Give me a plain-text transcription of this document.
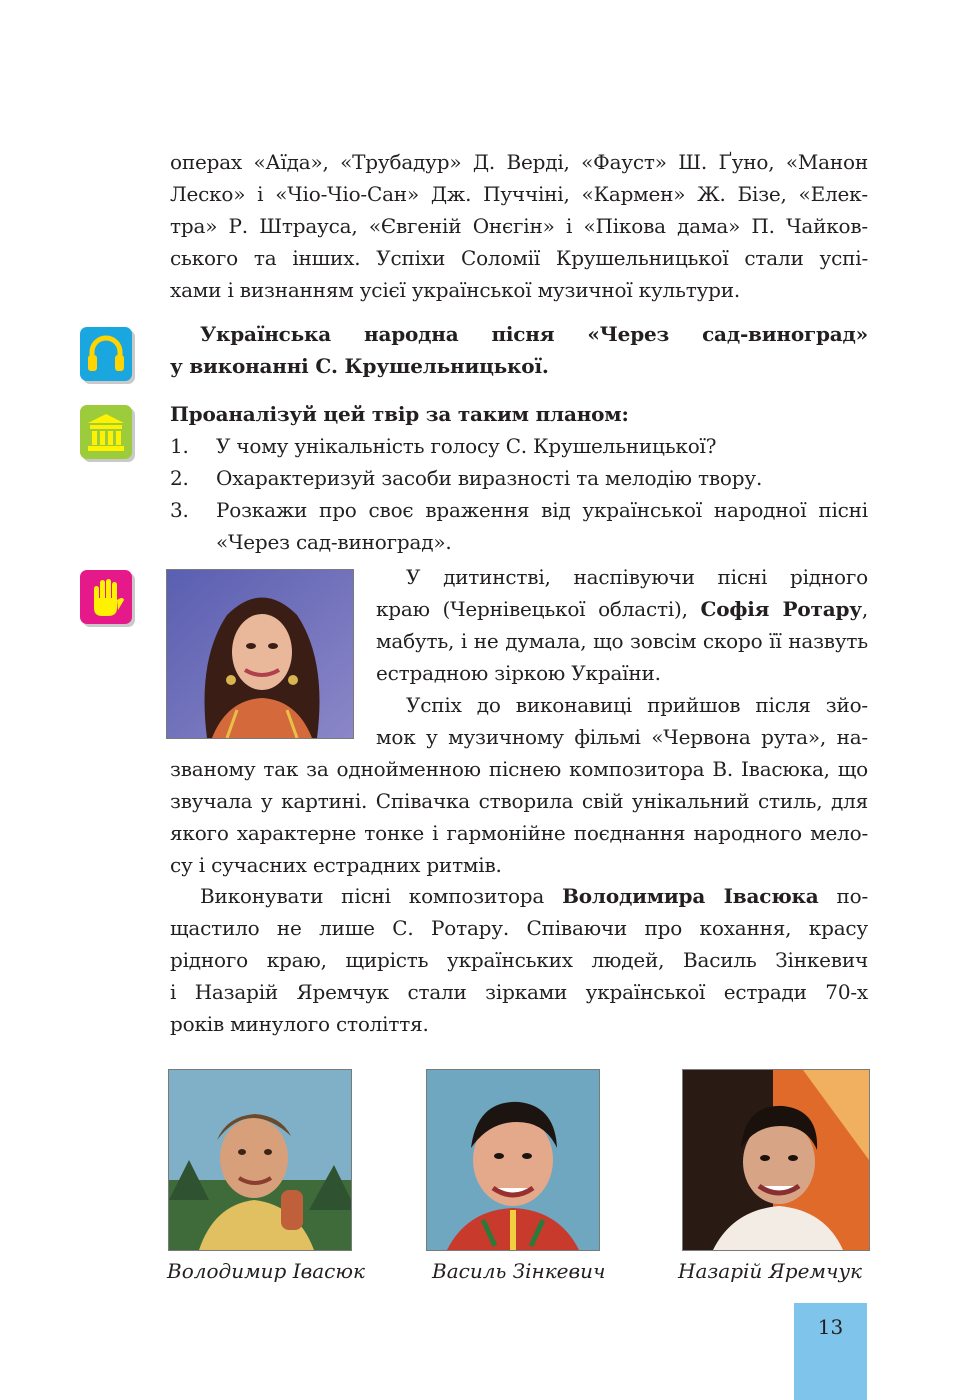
операх «Аїда», «Трубадур» Д. Верді, «Фауст» Ш. Ґуно, «Манон

Леско» і «Чіо-Чіо-Сан» Дж. Пуччіні, «Кармен» Ж. Бізе, «Елек-

тра» Р. Штрауса, «Євгеній Онєгін» і «Пікова дама» П. Чайков-

ського та інших. Успіхи Соломії Крушельницької стали успі-

хами і визнанням усієї української музичної культури.

Українська народна пісня «Через сад-виноград»

у виконанні С. Крушельницької.

Проаналізуй цей твір за таким планом:

1. У чому унікальність голосу С. Крушельницької?
2. Охарактеризуй засоби виразності та мелодію твору.
3. Розкажи про своє враження від української народної пісні
«Через сад-виноград».

У дитинстві, наспівуючи пісні рідного

краю (Чернівецької області), Софія Ротару,

мабуть, і не думала, що зовсім скоро її назвуть

естрадною зіркою України.

Успіх до виконавиці прийшов після зйо-

мок у музичному фільмі «Червона рута», на-

званому так за однойменною піснею композитора В. Івасюка, що

звучала у картині. Співачка створила свій унікальний стиль, для

якого характерне тонке і гармонійне поєднання народного мело-

су і сучасних естрадних ритмів.

Виконувати пісні композитора Володимира Івасюка по-

щастило не лише С. Ротару. Співаючи про кохання, красу

рідного краю, щирість українських людей, Василь Зінкевич

і Назарій Яремчук стали зірками української естради 70-х

років минулого століття.

Володимир Івасюк	Василь Зінкевич	Назарій Яремчук
13
